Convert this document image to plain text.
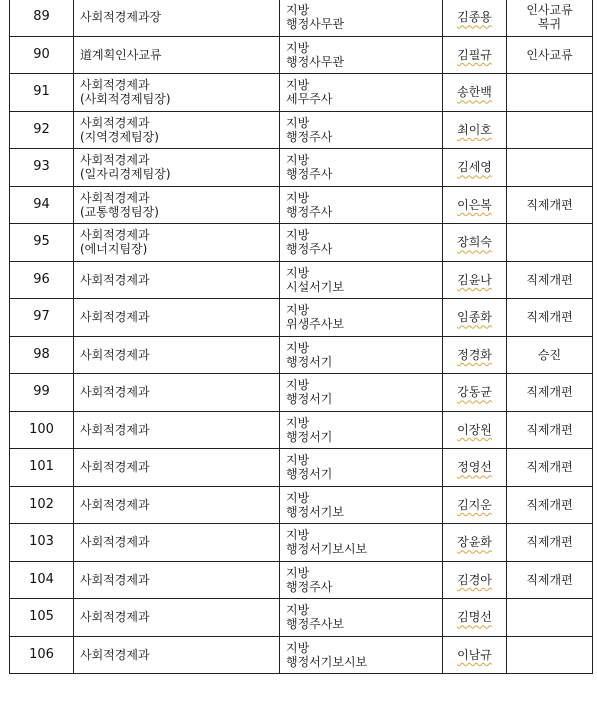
89	사회적경제과장	지방
행정사무관	김종용	인사교류
복귀

90	道계획인사교류	지방
행정사무관	김필규	인사교류

91	사회적경제과
(사회적경제팀장)	지방
세무주사	송한백	
92	사회적경제과
(지역경제팀장)	지방
행정주사	최이호	
93	사회적경제과
(일자리경제팀장)	지방
행정주사	김세영	
94	사회적경제과
(교통행정팀장)	지방
행정주사	이은복	직제개편

95	사회적경제과
(에너지팀장)	지방
행정주사	장희숙	
96	사회적경제과	지방
시설서기보	김윤나	직제개편

97	사회적경제과	지방
위생주사보	임종화	직제개편

98	사회적경제과	지방
행정서기	정경화	승진

99	사회적경제과	지방
행정서기	강동균	직제개편

100	사회적경제과	지방
행정서기	이장원	직제개편

101	사회적경제과	지방
행정서기	정영선	직제개편

102	사회적경제과	지방
행정서기보	김지운	직제개편

103	사회적경제과	지방
행정서기보시보	장윤화	직제개편

104	사회적경제과	지방
행정주사	김경아	직제개편

105	사회적경제과	지방
행정주사보	김명선	
106	사회적경제과	지방
행정서기보시보	이남규	
